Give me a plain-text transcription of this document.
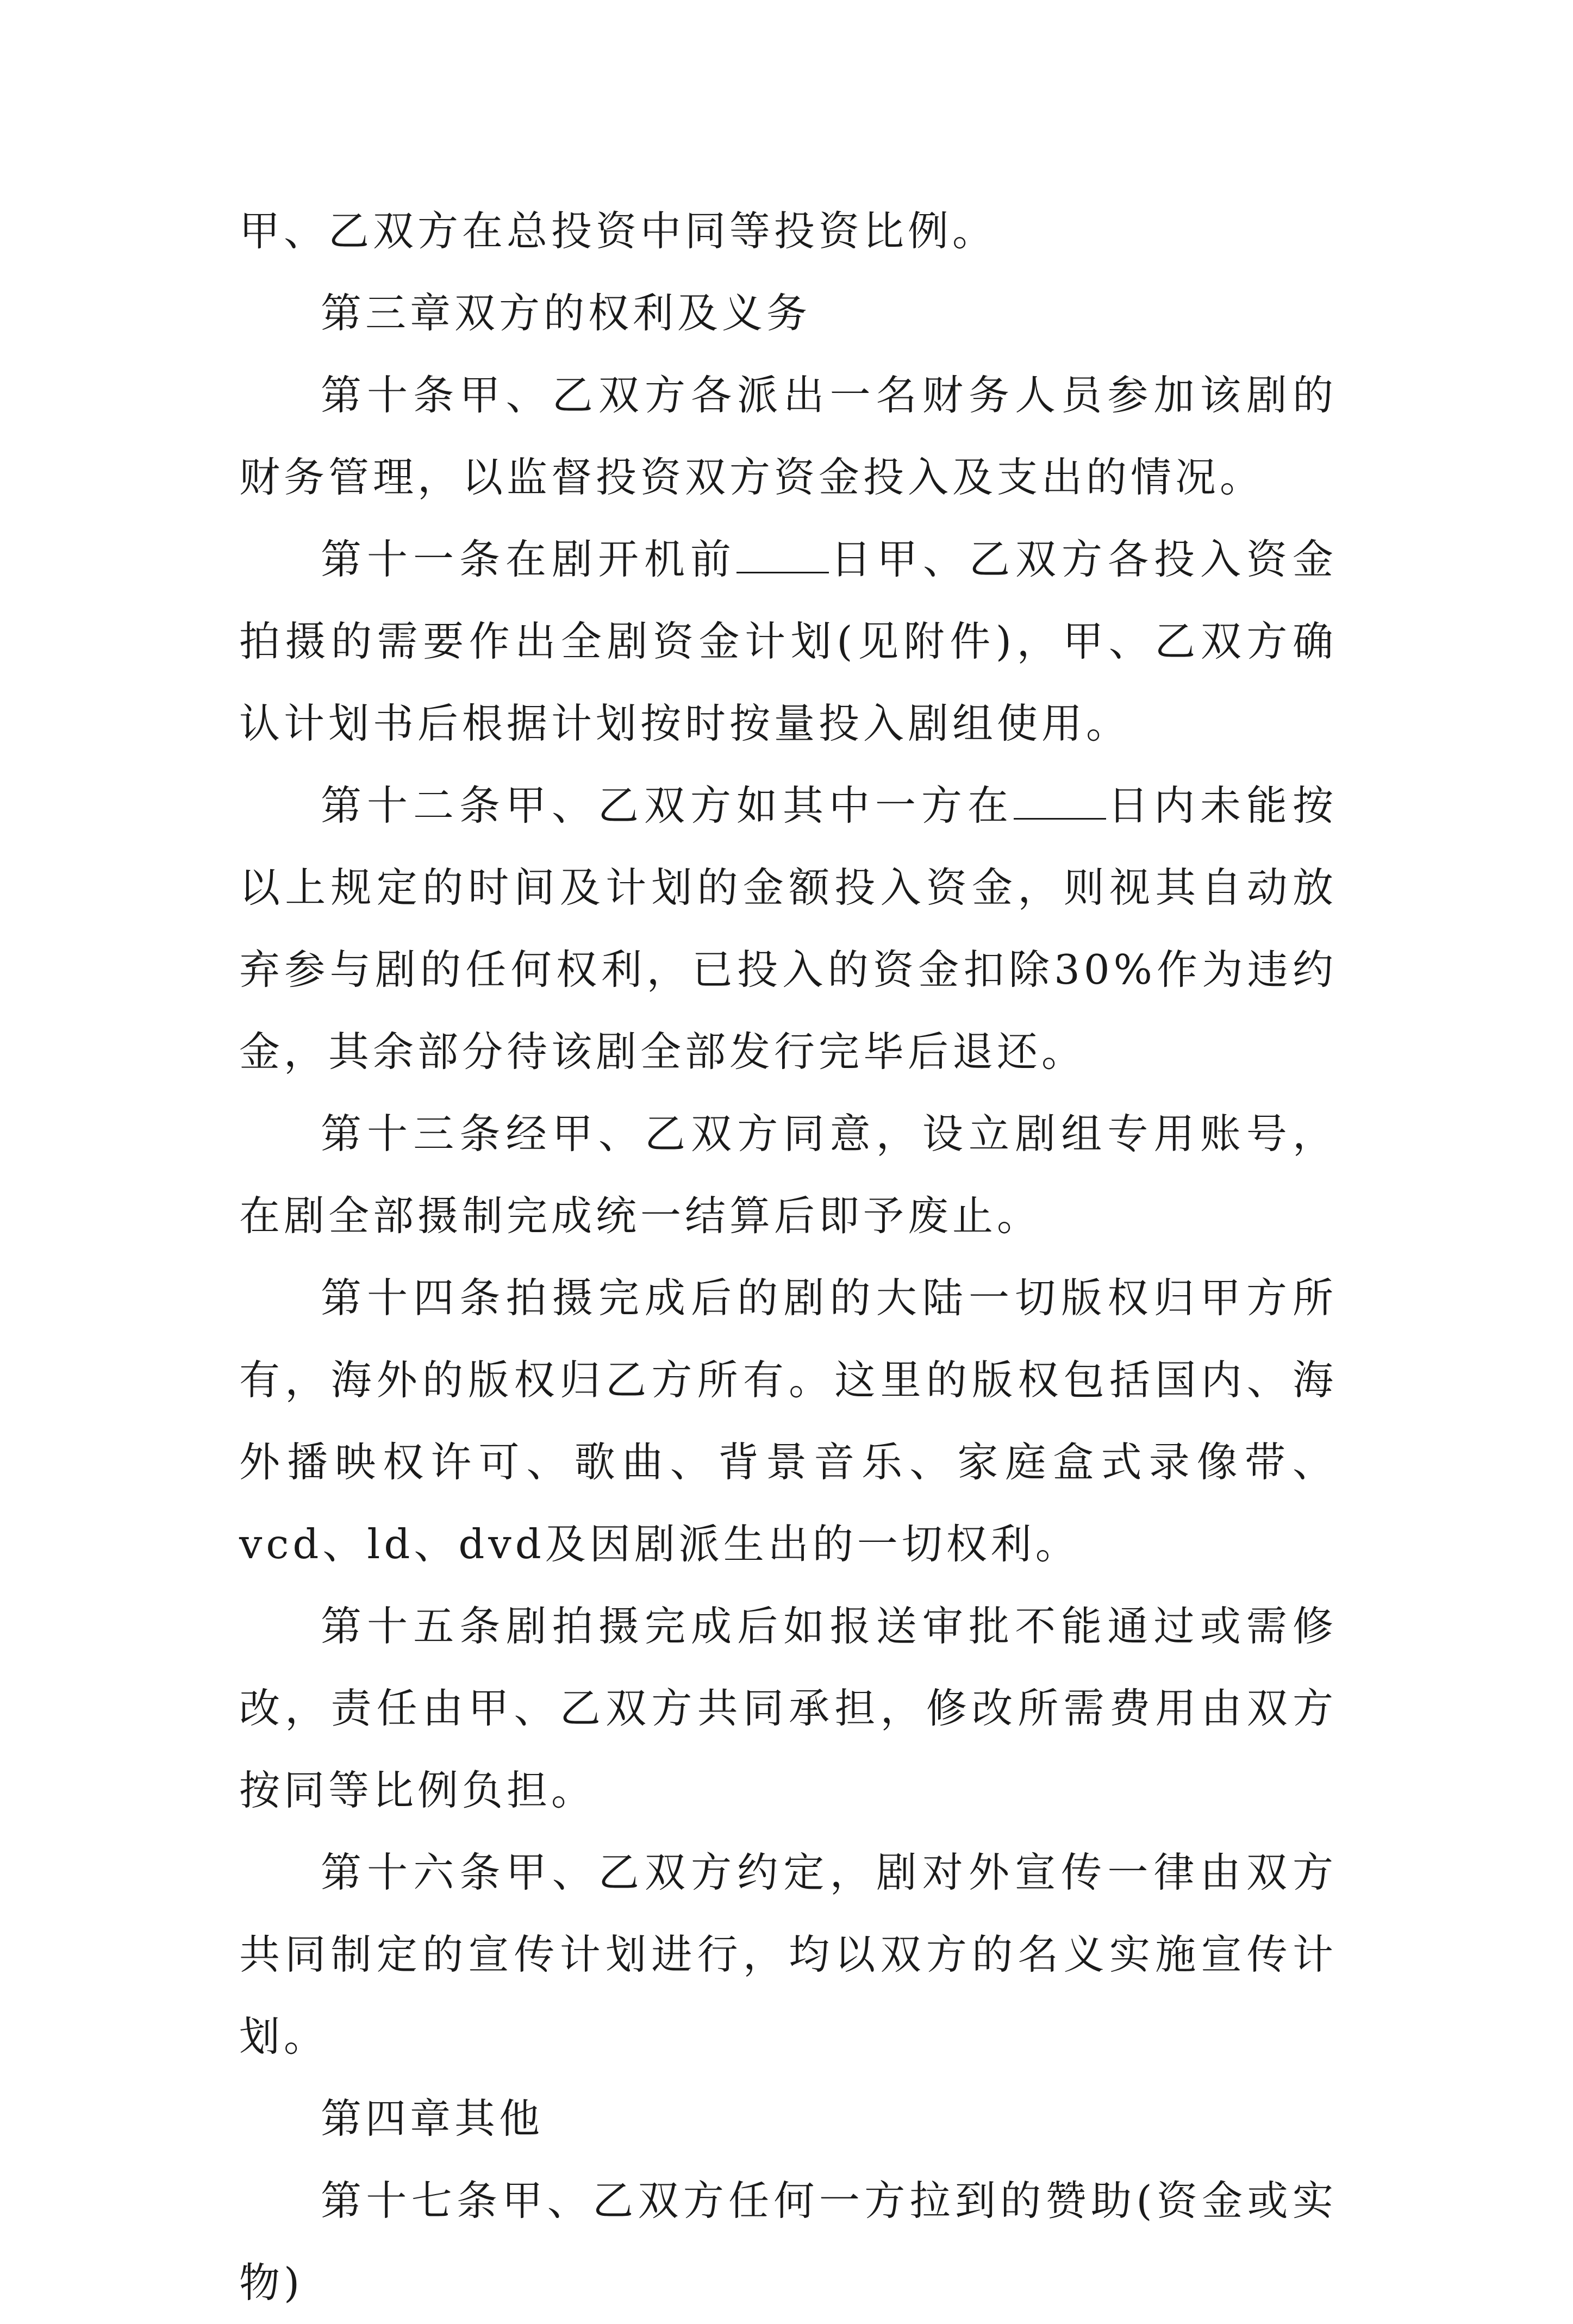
甲、乙双方在总投资中同等投资比例。

第三章双方的权利及义务

第十条甲、乙双方各派出一名财务人员参加该剧的财务管理，以监督投资双方资金投入及支出的情况。

第十一条在剧开机前 日甲、乙双方各投入资金拍摄的需要作出全剧资金计划(见附件)，甲、乙双方确认计划书后根据计划按时按量投入剧组使用。

第十二条甲、乙双方如其中一方在 日内未能按以上规定的时间及计划的金额投入资金，则视其自动放弃参与剧的任何权利，已投入的资金扣除30%作为违约金，其余部分待该剧全部发行完毕后退还。

第十三条经甲、乙双方同意，设立剧组专用账号，在剧全部摄制完成统一结算后即予废止。

第十四条拍摄完成后的剧的大陆一切版权归甲方所有，海外的版权归乙方所有。这里的版权包括国内、海外播映权许可、歌曲、背景音乐、家庭盒式录像带、vcd、ld、dvd及因剧派生出的一切权利。

第十五条剧拍摄完成后如报送审批不能通过或需修改，责任由甲、乙双方共同承担，修改所需费用由双方按同等比例负担。

第十六条甲、乙双方约定，剧对外宣传一律由双方共同制定的宣传计划进行，均以双方的名义实施宣传计划。

第四章其他

第十七条甲、乙双方任何一方拉到的赞助(资金或实物)
